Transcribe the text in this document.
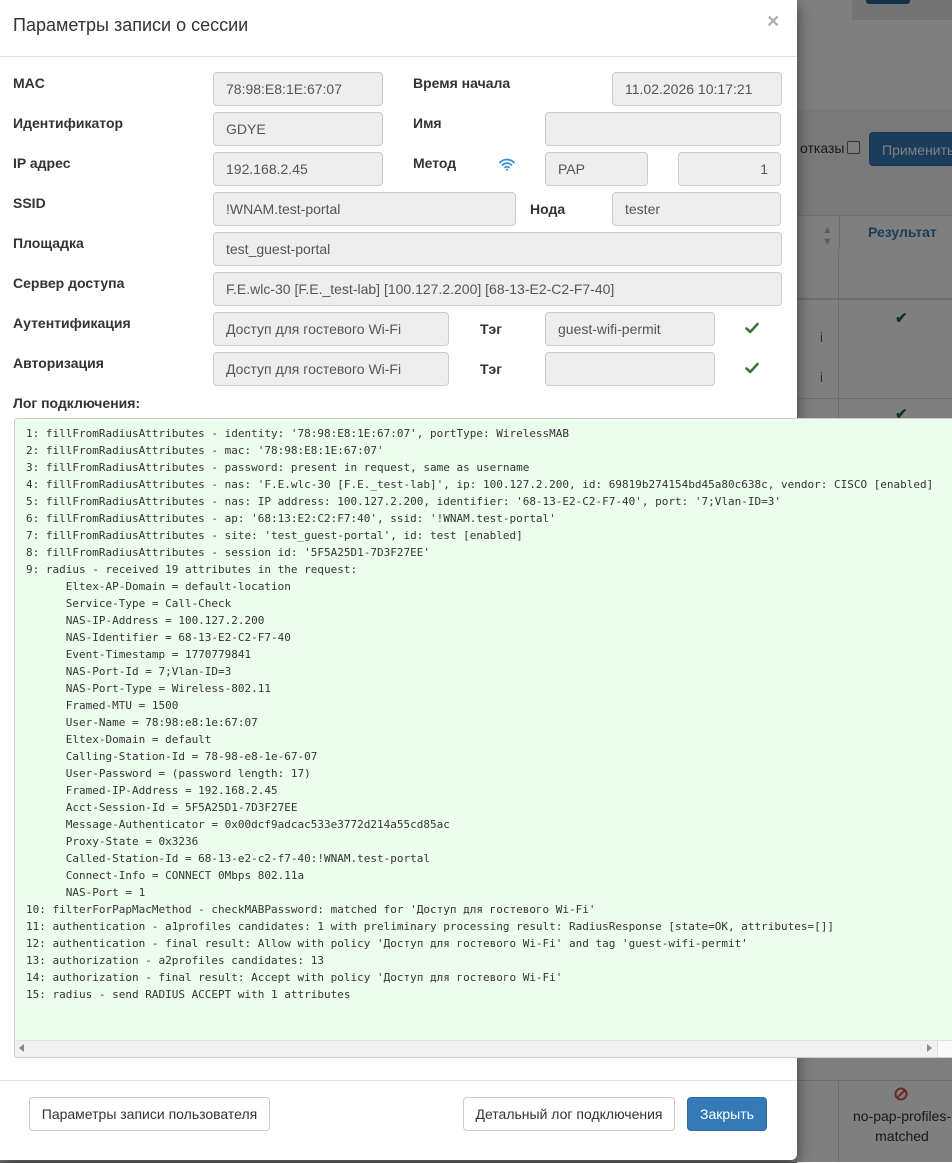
Параметры записи о сессии	×
MAC	78:98:E8:1E:67:07	Время начала	11.02.2026 10:17:21
Идентификатор	GDYE	Имя
IP адрес	192.168.2.45	Метод	PAP	1
SSID	!WNAM.test-portal	Нода	tester
Площадка	test_guest-portal
Сервер доступа	F.E.wlc-30 [F.E._test-lab] [100.127.2.200] [68-13-E2-C2-F7-40]
Аутентификация	Доступ для гостевого Wi-Fi	Тэг	guest-wifi-permit
Авторизация	Доступ для гостевого Wi-Fi	Тэг
Лог подключения:
1: fillFromRadiusAttributes - identity: '78:98:E8:1E:67:07', portType: WirelessMAB
2: fillFromRadiusAttributes - mac: '78:98:E8:1E:67:07'
3: fillFromRadiusAttributes - password: present in request, same as username
4: fillFromRadiusAttributes - nas: 'F.E.wlc-30 [F.E._test-lab]', ip: 100.127.2.200, id: 69819b274154bd45a80c638c, vendor: CISCO [enabled]
5: fillFromRadiusAttributes - nas: IP address: 100.127.2.200, identifier: '68-13-E2-C2-F7-40', port: '7;Vlan-ID=3'
6: fillFromRadiusAttributes - ap: '68:13:E2:C2:F7:40', ssid: '!WNAM.test-portal'
7: fillFromRadiusAttributes - site: 'test_guest-portal', id: test [enabled]
8: fillFromRadiusAttributes - session id: '5F5A25D1-7D3F27EE'
9: radius - received 19 attributes in the request:
Eltex-AP-Domain = default-location
Service-Type = Call-Check
NAS-IP-Address = 100.127.2.200
NAS-Identifier = 68-13-E2-C2-F7-40
Event-Timestamp = 1770779841
NAS-Port-Id = 7;Vlan-ID=3
NAS-Port-Type = Wireless-802.11
Framed-MTU = 1500
User-Name = 78:98:e8:1e:67:07
Eltex-Domain = default
Calling-Station-Id = 78-98-e8-1e-67-07
User-Password = (password length: 17)
Framed-IP-Address = 192.168.2.45
Acct-Session-Id = 5F5A25D1-7D3F27EE
Message-Authenticator = 0x00dcf9adcac533e3772d214a55cd85ac
Proxy-State = 0x3236
Called-Station-Id = 68-13-e2-c2-f7-40:!WNAM.test-portal
Connect-Info = CONNECT 0Mbps 802.11a
NAS-Port = 1
10: filterForPapMacMethod - checkMABPassword: matched for 'Доступ для гостевого Wi-Fi'
11: authentication - a1profiles candidates: 1 with preliminary processing result: RadiusResponse [state=OK, attributes=[]]
12: authentication - final result: Allow with policy 'Доступ для гостевого Wi-Fi' and tag 'guest-wifi-permit'
13: authorization - a2profiles candidates: 13
14: authorization - final result: Accept with policy 'Доступ для гостевого Wi-Fi'
15: radius - send RADIUS ACCEPT with 1 attributes
Параметры записи пользователя	Детальный лог подключения	Закрыть
